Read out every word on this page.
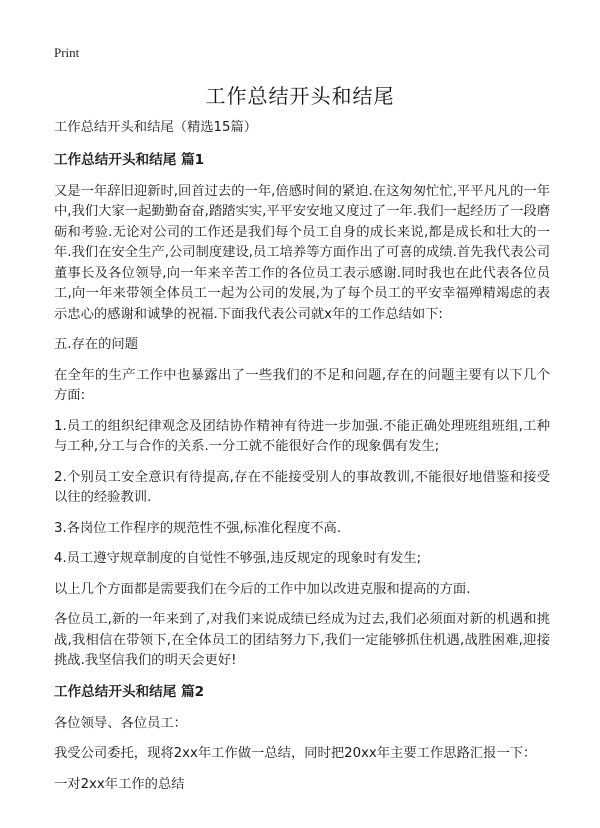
Print
工作总结开头和结尾

工作总结开头和结尾（精选15篇）

工作总结开头和结尾 篇1

又是一年辞旧迎新时,回首过去的一年,倍感时间的紧迫.在这匆匆忙忙,平平凡凡的一年中,我们大家一起勤勤奋奋,踏踏实实,平平安安地又度过了一年.我们一起经历了一段磨砺和考验.无论对公司的工作还是我们每个员工自身的成长来说,都是成长和壮大的一年.我们在安全生产,公司制度建设,员工培养等方面作出了可喜的成绩.首先我代表公司董事长及各位领导,向一年来辛苦工作的各位员工表示感谢.同时我也在此代表各位员工,向一年来带领全体员工一起为公司的发展,为了每个员工的平安幸福殚精竭虑的表示忠心的感谢和诚挚的祝福.下面我代表公司就x年的工作总结如下:

五.存在的问题

在全年的生产工作中也暴露出了一些我们的不足和问题,存在的问题主要有以下几个方面:

1.员工的组织纪律观念及团结协作精神有待进一步加强.不能正确处理班组班组,工种与工种,分工与合作的关系.一分工就不能很好合作的现象偶有发生;

2.个别员工安全意识有待提高,存在不能接受别人的事故教训,不能很好地借鉴和接受以往的经验教训.

3.各岗位工作程序的规范性不强,标准化程度不高.

4.员工遵守规章制度的自觉性不够强,违反规定的现象时有发生;

以上几个方面都是需要我们在今后的工作中加以改进克服和提高的方面.

各位员工,新的一年来到了,对我们来说成绩已经成为过去,我们必须面对新的机遇和挑战,我相信在带领下,在全体员工的团结努力下,我们一定能够抓住机遇,战胜困难,迎接挑战.我坚信我们的明天会更好!

工作总结开头和结尾 篇2

各位领导、各位员工：

我受公司委托，现将2xx年工作做一总结，同时把20xx年主要工作思路汇报一下：

一对2xx年工作的总结
